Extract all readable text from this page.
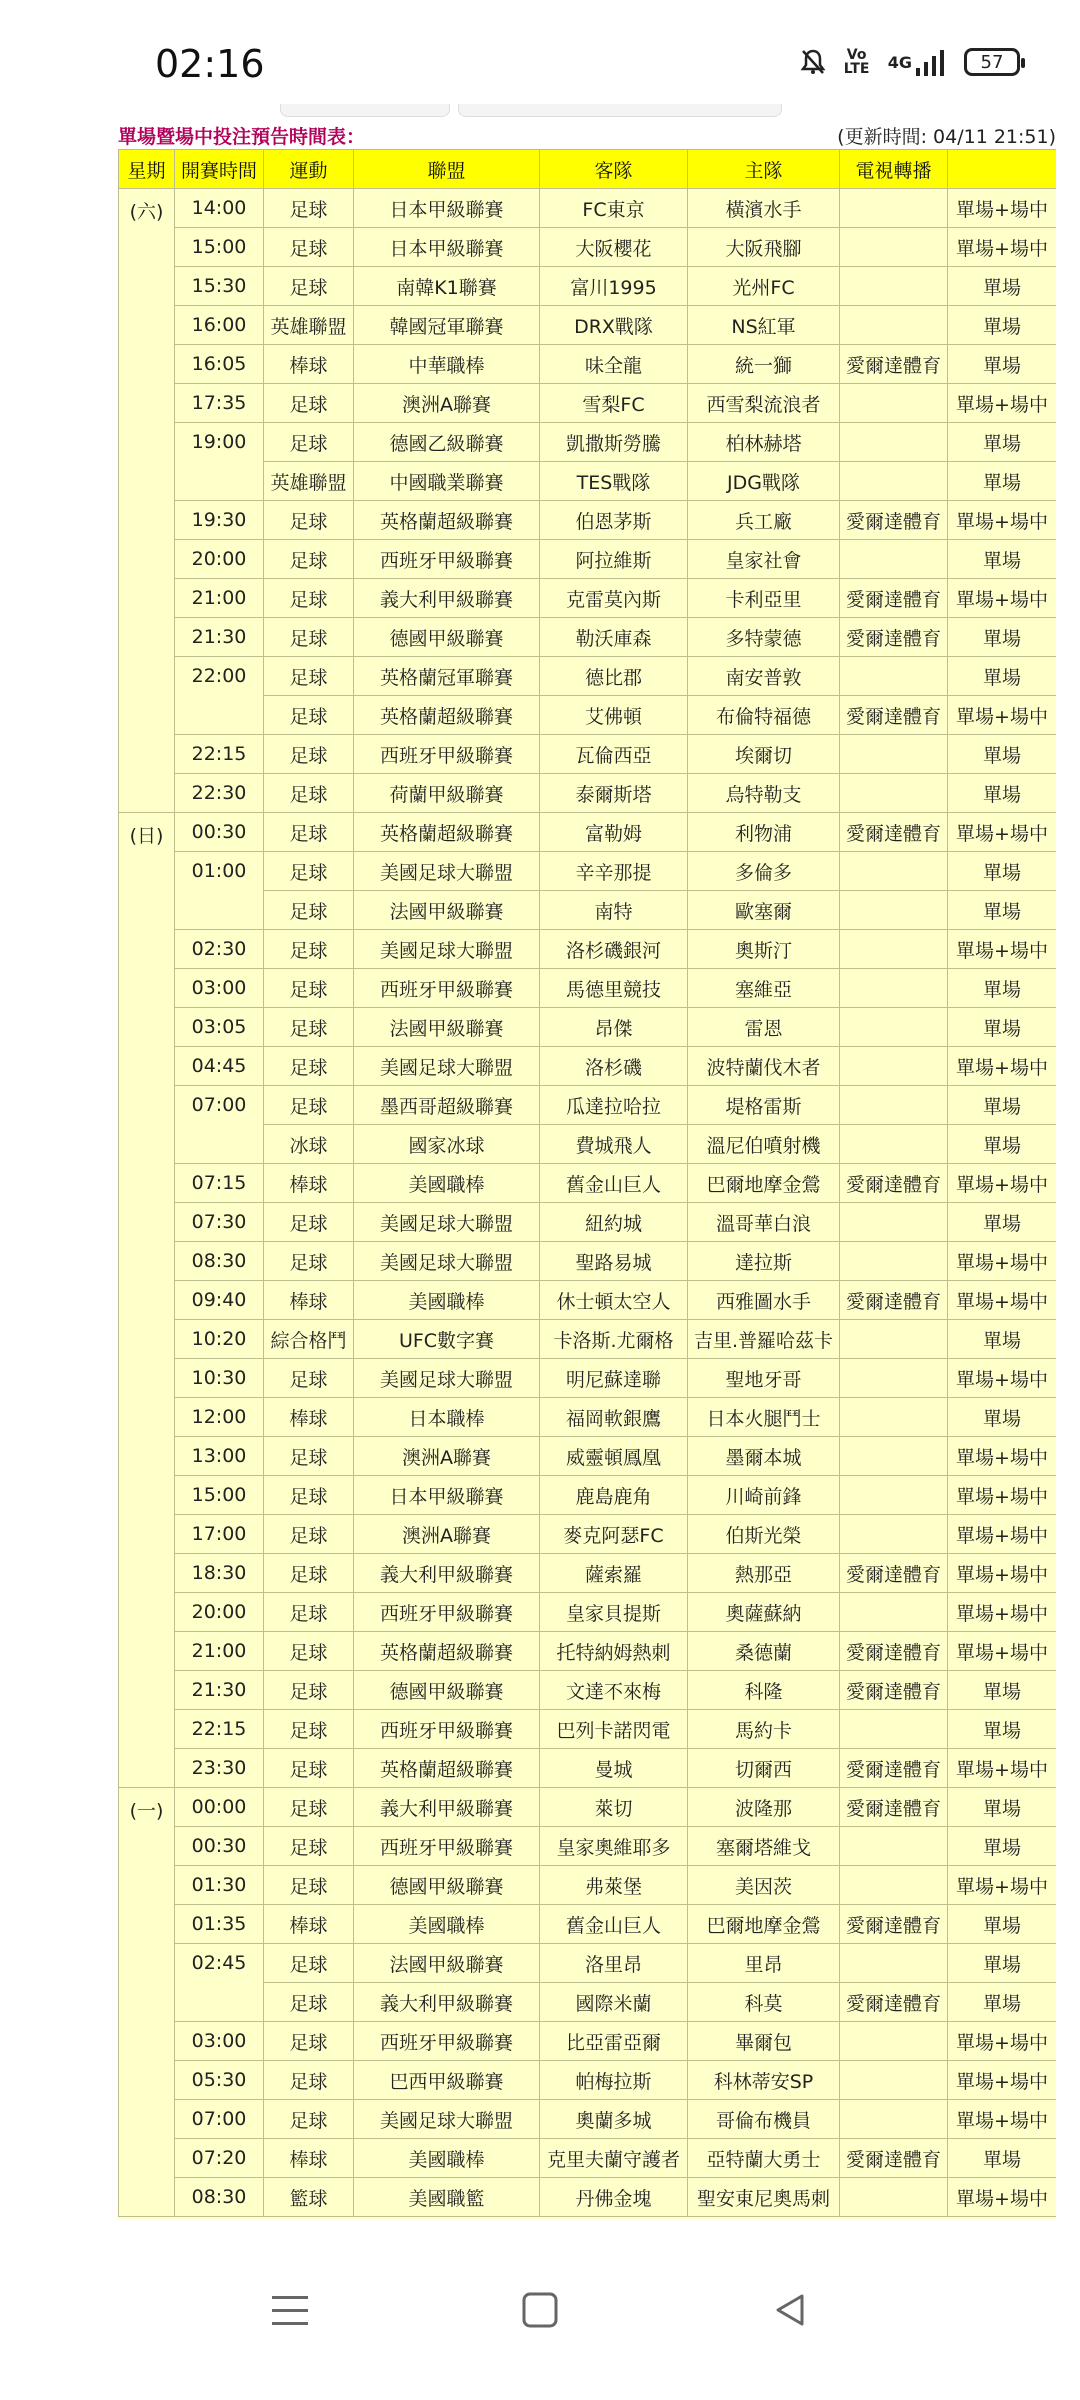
02:16	Vo
LTE 4G	57
單場暨場中投注預告時間表：	(更新時間: 04/11 21:51)
星期	開賽時間	運動	聯盟	客隊	主隊	電視轉播	
(六)	14:00	足球	日本甲級聯賽	FC東京	橫濱水手		單場+場中
	15:00	足球	日本甲級聯賽	大阪櫻花	大阪飛腳		單場+場中
	15:30	足球	南韓K1聯賽	富川1995	光州FC		單場
	16:00	英雄聯盟	韓國冠軍聯賽	DRX戰隊	NS紅軍		單場
	16:05	棒球	中華職棒	味全龍	統一獅	愛爾達體育	單場
	17:35	足球	澳洲A聯賽	雪梨FC	西雪梨流浪者		單場+場中
	19:00	足球	德國乙級聯賽	凱撒斯勞騰	柏林赫塔		單場
		英雄聯盟	中國職業聯賽	TES戰隊	JDG戰隊		單場
	19:30	足球	英格蘭超級聯賽	伯恩茅斯	兵工廠	愛爾達體育	單場+場中
	20:00	足球	西班牙甲級聯賽	阿拉維斯	皇家社會		單場
	21:00	足球	義大利甲級聯賽	克雷莫內斯	卡利亞里	愛爾達體育	單場+場中
	21:30	足球	德國甲級聯賽	勒沃庫森	多特蒙德	愛爾達體育	單場
	22:00	足球	英格蘭冠軍聯賽	德比郡	南安普敦		單場
		足球	英格蘭超級聯賽	艾佛頓	布倫特福德	愛爾達體育	單場+場中
	22:15	足球	西班牙甲級聯賽	瓦倫西亞	埃爾切		單場
	22:30	足球	荷蘭甲級聯賽	泰爾斯塔	烏特勒支		單場
(日)	00:30	足球	英格蘭超級聯賽	富勒姆	利物浦	愛爾達體育	單場+場中
	01:00	足球	美國足球大聯盟	辛辛那提	多倫多		單場
		足球	法國甲級聯賽	南特	歐塞爾		單場
	02:30	足球	美國足球大聯盟	洛杉磯銀河	奧斯汀		單場+場中
	03:00	足球	西班牙甲級聯賽	馬德里競技	塞維亞		單場
	03:05	足球	法國甲級聯賽	昂傑	雷恩		單場
	04:45	足球	美國足球大聯盟	洛杉磯	波特蘭伐木者		單場+場中
	07:00	足球	墨西哥超級聯賽	瓜達拉哈拉	堤格雷斯		單場
		冰球	國家冰球	費城飛人	溫尼伯噴射機		單場
	07:15	棒球	美國職棒	舊金山巨人	巴爾地摩金鶯	愛爾達體育	單場+場中
	07:30	足球	美國足球大聯盟	紐約城	溫哥華白浪		單場
	08:30	足球	美國足球大聯盟	聖路易城	達拉斯		單場+場中
	09:40	棒球	美國職棒	休士頓太空人	西雅圖水手	愛爾達體育	單場+場中
	10:20	綜合格鬥	UFC數字賽	卡洛斯.尤爾格	吉里.普羅哈茲卡		單場
	10:30	足球	美國足球大聯盟	明尼蘇達聯	聖地牙哥		單場+場中
	12:00	棒球	日本職棒	福岡軟銀鷹	日本火腿鬥士		單場
	13:00	足球	澳洲A聯賽	威靈頓鳳凰	墨爾本城		單場+場中
	15:00	足球	日本甲級聯賽	鹿島鹿角	川崎前鋒		單場+場中
	17:00	足球	澳洲A聯賽	麥克阿瑟FC	伯斯光榮		單場+場中
	18:30	足球	義大利甲級聯賽	薩索羅	熱那亞	愛爾達體育	單場+場中
	20:00	足球	西班牙甲級聯賽	皇家貝提斯	奧薩蘇納		單場+場中
	21:00	足球	英格蘭超級聯賽	托特納姆熱刺	桑德蘭	愛爾達體育	單場+場中
	21:30	足球	德國甲級聯賽	文達不來梅	科隆	愛爾達體育	單場
	22:15	足球	西班牙甲級聯賽	巴列卡諾閃電	馬約卡		單場
	23:30	足球	英格蘭超級聯賽	曼城	切爾西	愛爾達體育	單場+場中
(一)	00:00	足球	義大利甲級聯賽	萊切	波隆那	愛爾達體育	單場
	00:30	足球	西班牙甲級聯賽	皇家奧維耶多	塞爾塔維戈		單場
	01:30	足球	德國甲級聯賽	弗萊堡	美因茨		單場+場中
	01:35	棒球	美國職棒	舊金山巨人	巴爾地摩金鶯	愛爾達體育	單場
	02:45	足球	法國甲級聯賽	洛里昂	里昂		單場
		足球	義大利甲級聯賽	國際米蘭	科莫	愛爾達體育	單場
	03:00	足球	西班牙甲級聯賽	比亞雷亞爾	畢爾包		單場+場中
	05:30	足球	巴西甲級聯賽	帕梅拉斯	科林蒂安SP		單場+場中
	07:00	足球	美國足球大聯盟	奧蘭多城	哥倫布機員		單場+場中
	07:20	棒球	美國職棒	克里夫蘭守護者	亞特蘭大勇士	愛爾達體育	單場
	08:30	籃球	美國職籃	丹佛金塊	聖安東尼奧馬刺		單場+場中
